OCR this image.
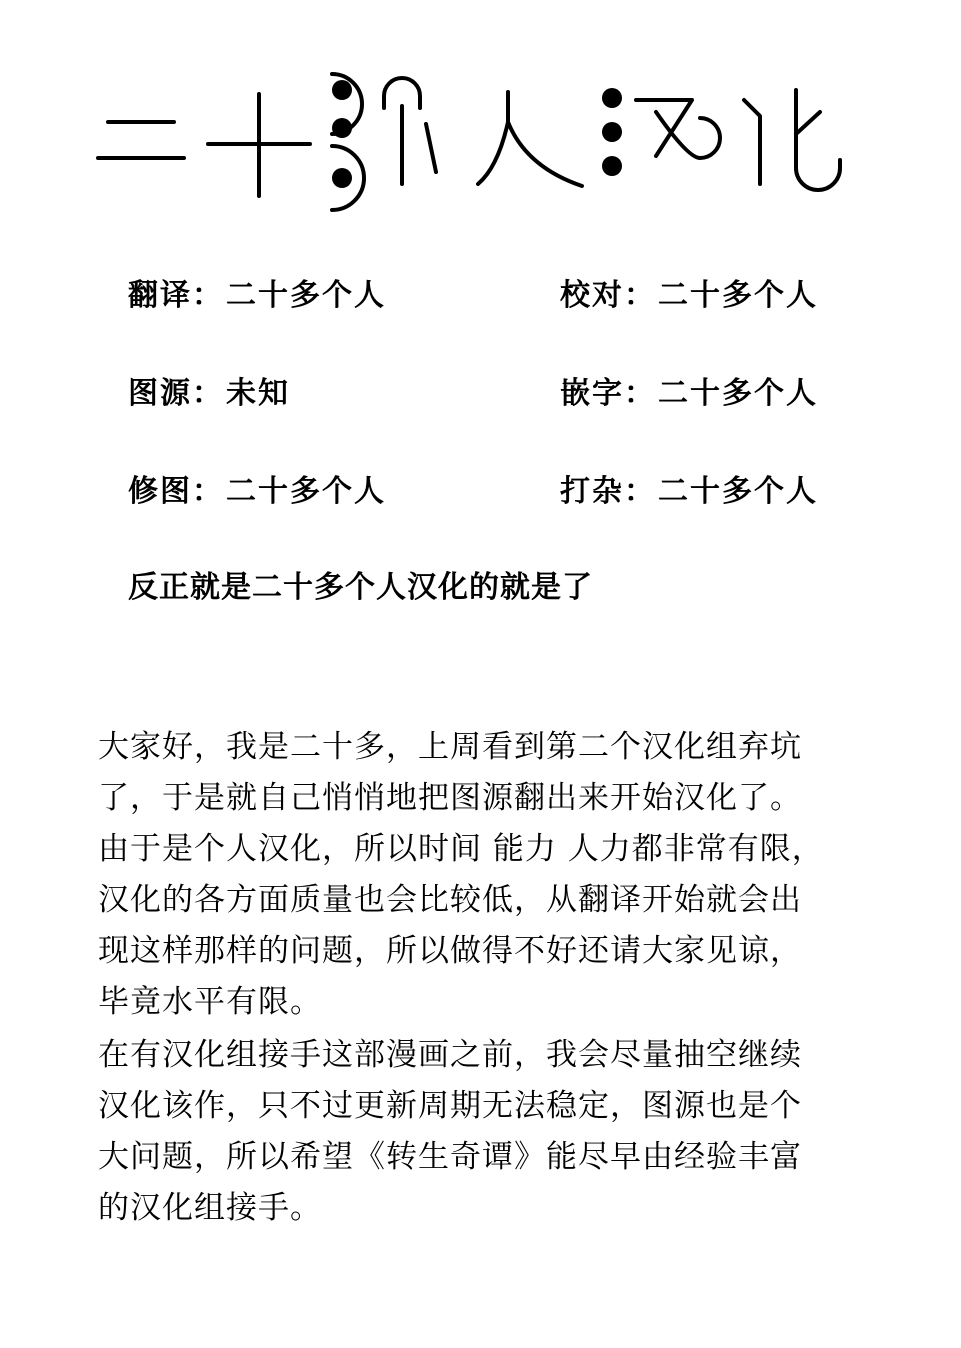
翻译：二十多个人	校对：二十多个人
图源：未知	嵌字：二十多个人
修图：二十多个人	打杂：二十多个人
反正就是二十多个人汉化的就是了

大家好，我是二十多，上周看到第二个汉化组弃坑
了，于是就自己悄悄地把图源翻出来开始汉化了。
由于是个人汉化，所以时间 能力 人力都非常有限，
汉化的各方面质量也会比较低，从翻译开始就会出
现这样那样的问题，所以做得不好还请大家见谅，
毕竟水平有限。

在有汉化组接手这部漫画之前，我会尽量抽空继续
汉化该作，只不过更新周期无法稳定，图源也是个
大问题，所以希望《转生奇谭》能尽早由经验丰富
的汉化组接手。
